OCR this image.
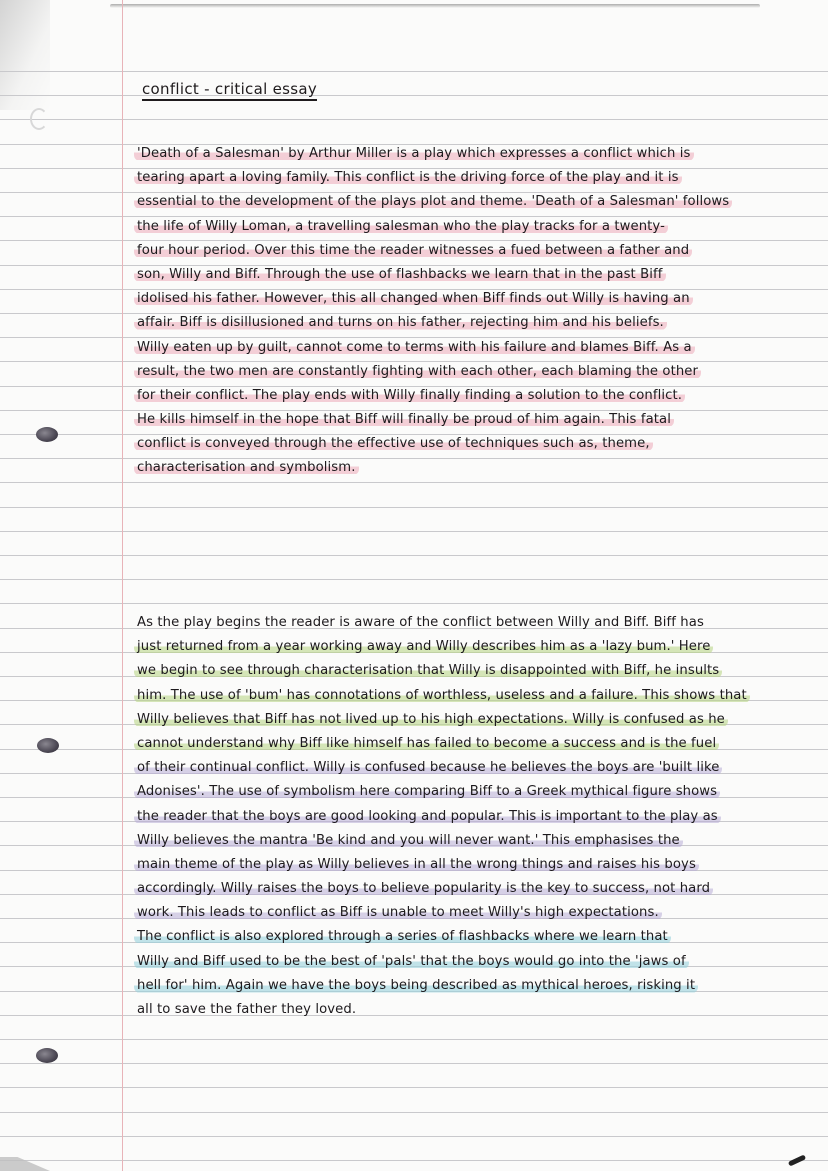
conflict - critical essay
'Death of a Salesman' by Arthur Miller is a play which expresses a conflict which is
tearing apart a loving family. This conflict is the driving force of the play and it is
essential to the development of the plays plot and theme. 'Death of a Salesman' follows
the life of Willy Loman, a travelling salesman who the play tracks for a twenty-
four hour period. Over this time the reader witnesses a fued between a father and
son, Willy and Biff. Through the use of flashbacks we learn that in the past Biff
idolised his father. However, this all changed when Biff finds out Willy is having an
affair. Biff is disillusioned and turns on his father, rejecting him and his beliefs.
Willy eaten up by guilt, cannot come to terms with his failure and blames Biff. As a
result, the two men are constantly fighting with each other, each blaming the other
for their conflict. The play ends with Willy finally finding a solution to the conflict.
He kills himself in the hope that Biff will finally be proud of him again. This fatal
conflict is conveyed through the effective use of techniques such as, theme,
characterisation and symbolism.
As the play begins the reader is aware of the conflict between Willy and Biff. Biff has
just returned from a year working away and Willy describes him as a 'lazy bum.' Here
we begin to see through characterisation that Willy is disappointed with Biff, he insults
him. The use of 'bum' has connotations of worthless, useless and a failure. This shows that
Willy believes that Biff has not lived up to his high expectations. Willy is confused as he
cannot understand why Biff like himself has failed to become a success and is the fuel
of their continual conflict. Willy is confused because he believes the boys are 'built like
Adonises'. The use of symbolism here comparing Biff to a Greek mythical figure shows
the reader that the boys are good looking and popular. This is important to the play as
Willy believes the mantra 'Be kind and you will never want.' This emphasises the
main theme of the play as Willy believes in all the wrong things and raises his boys
accordingly. Willy raises the boys to believe popularity is the key to success, not hard
work. This leads to conflict as Biff is unable to meet Willy's high expectations.
The conflict is also explored through a series of flashbacks where we learn that
Willy and Biff used to be the best of 'pals' that the boys would go into the 'jaws of
hell for' him. Again we have the boys being described as mythical heroes, risking it
all to save the father they loved.
